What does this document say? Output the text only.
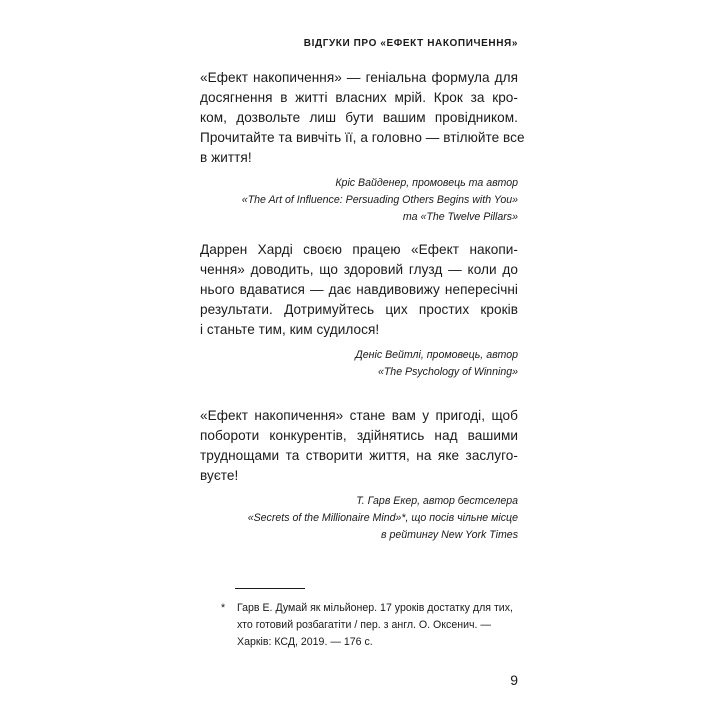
ВІДГУКИ ПРО «ЕФЕКТ НАКОПИЧЕННЯ»

«Ефект накопичення» — геніальна формула для
досягнення в житті власних мрій. Крок за кро-
ком, дозвольте лиш бути вашим провідником.
Прочитайте та вивчіть її, а головно — втілюйте все
в життя!

Кріс Вайденер, промовець та автор
«The Art of Influence: Persuading Others Begins with You»
та «The Twelve Pillars»

Даррен Харді своєю працею «Ефект накопи-
чення» доводить, що здоровий глузд — коли до
нього вдаватися — дає навдивовижу непересічні
результати. Дотримуйтесь цих простих кроків
і станьте тим, ким судилося!

Деніс Вейтлі, промовець, автор
«The Psychology of Winning»

«Ефект накопичення» стане вам у пригоді, щоб
побороти конкурентів, здійнятись над вашими
труднощами та створити життя, на яке заслуго-
вуєте!

Т. Гарв Екер, автор бестселера
«Secrets of the Millionaire Mind»*, що посів чільне місце
в рейтингу New York Times
* Гарв Е. Думай як мільйонер. 17 уроків достатку для тих,
хто готовий розбагатіти / пер. з англ. О. Оксенич. —
Харків: КСД, 2019. — 176 с.
9
